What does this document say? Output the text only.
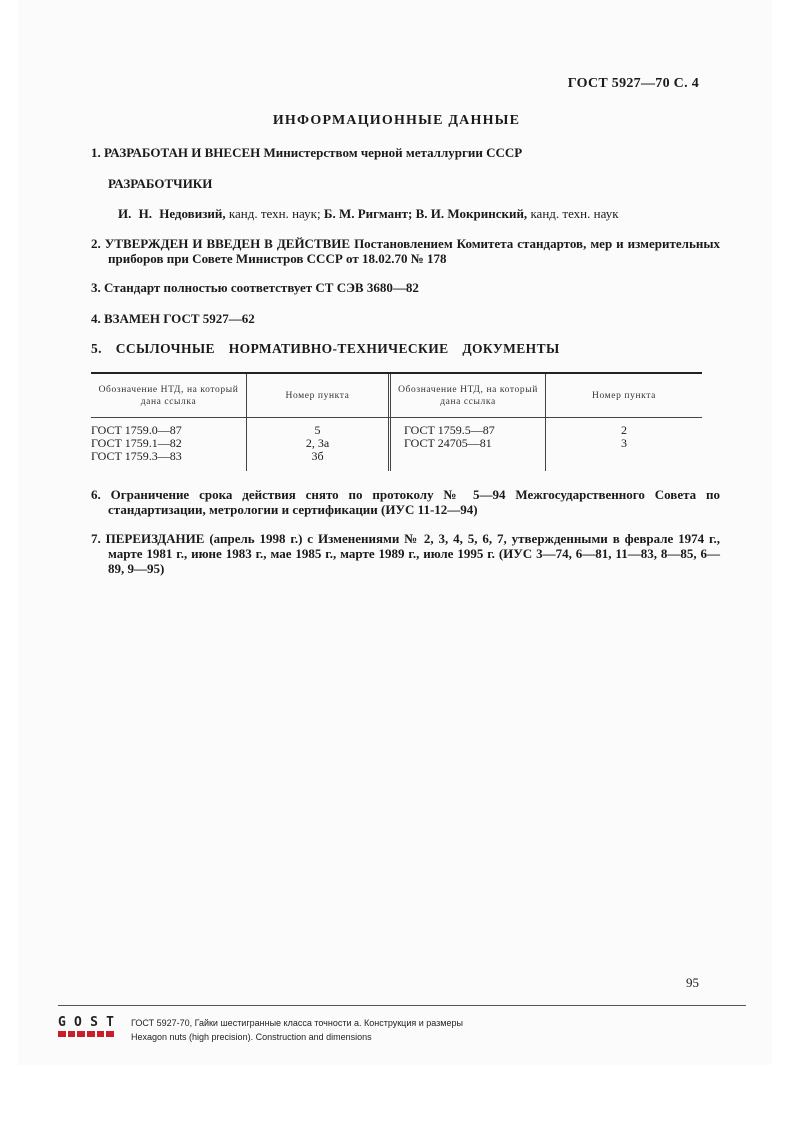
ГОСТ 5927—70 С. 4
ИНФОРМАЦИОННЫЕ ДАННЫЕ
1. РАЗРАБОТАН И ВНЕСЕН Министерством черной металлургии СССР
РАЗРАБОТЧИКИ
И. Н. Недовизий, канд. техн. наук; Б. М. Ригмант; В. И. Мокринский, канд. техн. наук
2. УТВЕРЖДЕН И ВВЕДЕН В ДЕЙСТВИЕ Постановлением Комитета стандартов, мер и измерительных приборов при Совете Министров СССР от 18.02.70 № 178
3. Стандарт полностью соответствует СТ СЭВ 3680—82
4. ВЗАМЕН ГОСТ 5927—62
5. ССЫЛОЧНЫЕ НОРМАТИВНО-ТЕХНИЧЕСКИЕ ДОКУМЕНТЫ
Обозначение НТД, на который дана ссылка
Номер пункта
Обозначение НТД, на который дана ссылка
Номер пункта
ГОСТ 1759.0—87
ГОСТ 1759.1—82
ГОСТ 1759.3—83
5
2, 3а
3б
ГОСТ 1759.5—87
ГОСТ 24705—81
2
3
6. Ограничение срока действия снято по протоколу № 5—94 Межгосударственного Совета по стандартизации, метрологии и сертификации (ИУС 11-12—94)
7. ПЕРЕИЗДАНИЕ (апрель 1998 г.) с Изменениями № 2, 3, 4, 5, 6, 7, утвержденными в феврале 1974 г., марте 1981 г., июне 1983 г., мае 1985 г., марте 1989 г., июле 1995 г. (ИУС 3—74, 6—81, 11—83, 8—85, 6—89, 9—95)
95
G O S T ГОСТ 5927-70, Гайки шестигранные класса точности а. Конструкция и размеры
Hexagon nuts (high precision). Construction and dimensions
